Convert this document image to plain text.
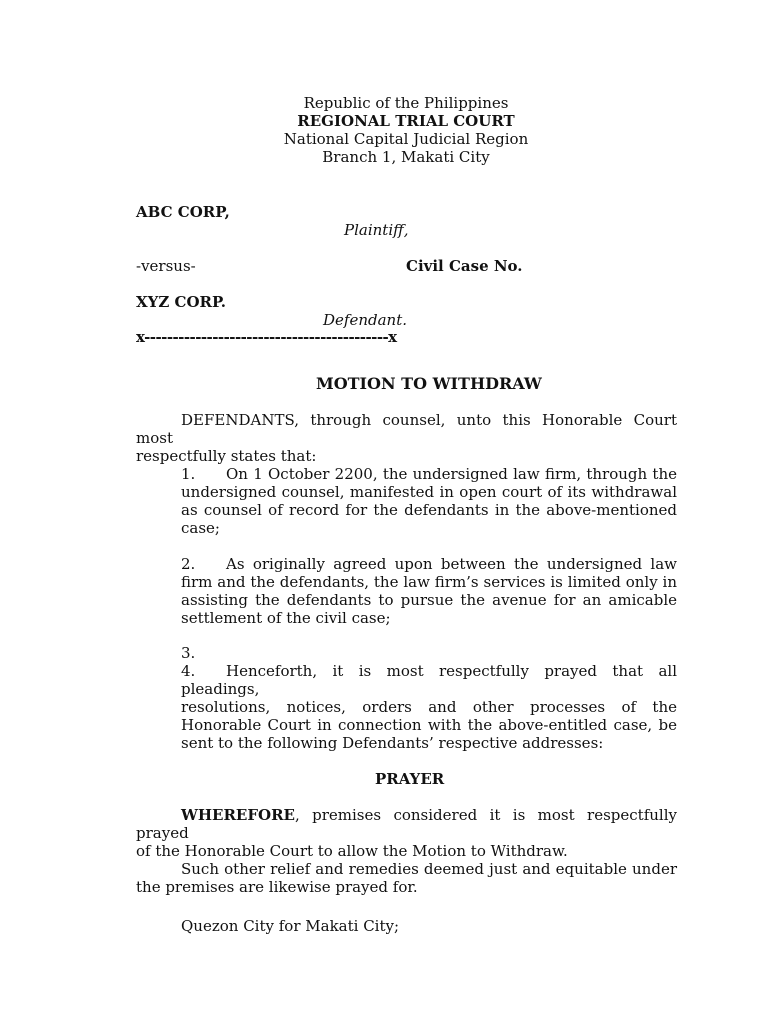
Republic of the Philippines
REGIONAL TRIAL COURT
National Capital Judicial Region
Branch 1, Makati City
ABC CORP,
Plaintiff,
-versus-	Civil Case No.
XYZ CORP.
Defendant.
x-------------------------------------------x
MOTION TO WITHDRAW
DEFENDANTS, through counsel, unto this Honorable Court most
respectfully states that:
1. On 1 October 2200, the undersigned law firm, through the
undersigned counsel, manifested in open court of its withdrawal as counsel of record for the defendants in the above-mentioned case;
2. As originally agreed upon between the undersigned law
firm and the defendants, the law firm’s services is limited only in assisting the defendants to pursue the avenue for an amicable settlement of the civil case;
3.
4. Henceforth, it is most respectfully prayed that all pleadings,
resolutions, notices, orders and other processes of the Honorable Court in connection with the above-entitled case, be sent to the following Defendants’ respective addresses:
PRAYER
WHEREFORE, premises considered it is most respectfully prayed
of the Honorable Court to allow the Motion to Withdraw.
Such other relief and remedies deemed just and equitable under
the premises are likewise prayed for.
Quezon City for Makati City;
